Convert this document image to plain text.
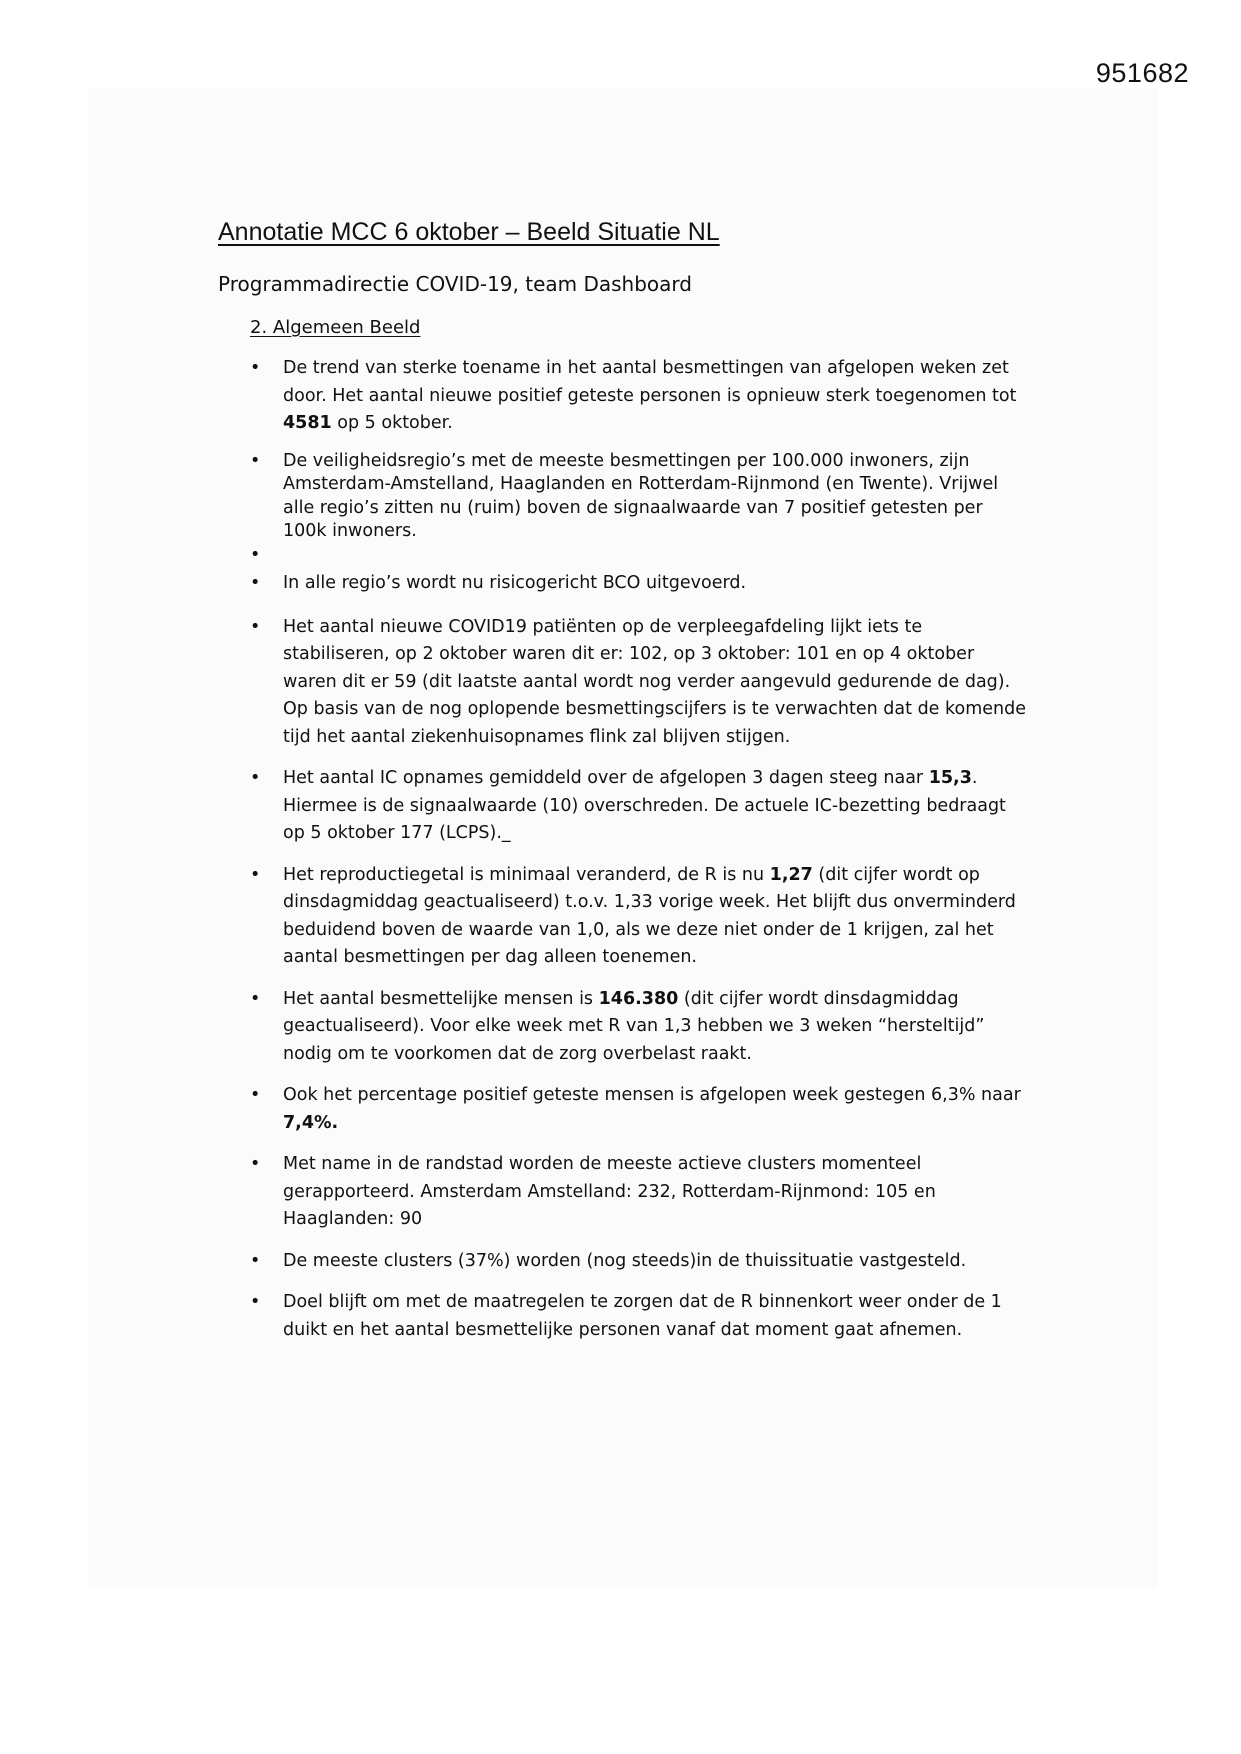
951682
Annotatie MCC 6 oktober – Beeld Situatie NL

Programmadirectie COVID-19, team Dashboard

2. Algemeen Beeld
• De trend van sterke toename in het aantal besmettingen van afgelopen weken zet door. Het aantal nieuwe positief geteste personen is opnieuw sterk toegenomen tot 4581 op 5 oktober.
• De veiligheidsregio’s met de meeste besmettingen per 100.000 inwoners, zijn Amsterdam-Amstelland, Haaglanden en Rotterdam-Rijnmond (en Twente). Vrijwel alle regio’s zitten nu (ruim) boven de signaalwaarde van 7 positief getesten per 100k inwoners.
•
• In alle regio’s wordt nu risicogericht BCO uitgevoerd.
• Het aantal nieuwe COVID19 patiënten op de verpleegafdeling lijkt iets te stabiliseren, op 2 oktober waren dit er: 102, op 3 oktober: 101 en op 4 oktober waren dit er 59 (dit laatste aantal wordt nog verder aangevuld gedurende de dag). Op basis van de nog oplopende besmettingscijfers is te verwachten dat de komende tijd het aantal ziekenhuisopnames flink zal blijven stijgen.
• Het aantal IC opnames gemiddeld over de afgelopen 3 dagen steeg naar 15,3. Hiermee is de signaalwaarde (10) overschreden. De actuele IC-bezetting bedraagt op 5 oktober 177 (LCPS)._
• Het reproductiegetal is minimaal veranderd, de R is nu 1,27 (dit cijfer wordt op dinsdagmiddag geactualiseerd) t.o.v. 1,33 vorige week. Het blijft dus onverminderd beduidend boven de waarde van 1,0, als we deze niet onder de 1 krijgen, zal het aantal besmettingen per dag alleen toenemen.
• Het aantal besmettelijke mensen is 146.380 (dit cijfer wordt dinsdagmiddag geactualiseerd). Voor elke week met R van 1,3 hebben we 3 weken “hersteltijd” nodig om te voorkomen dat de zorg overbelast raakt.
• Ook het percentage positief geteste mensen is afgelopen week gestegen 6,3% naar 7,4%.
• Met name in de randstad worden de meeste actieve clusters momenteel gerapporteerd. Amsterdam Amstelland: 232, Rotterdam-Rijnmond: 105 en Haaglanden: 90
• De meeste clusters (37%) worden (nog steeds)in de thuissituatie vastgesteld.
• Doel blijft om met de maatregelen te zorgen dat de R binnenkort weer onder de 1 duikt en het aantal besmettelijke personen vanaf dat moment gaat afnemen.
